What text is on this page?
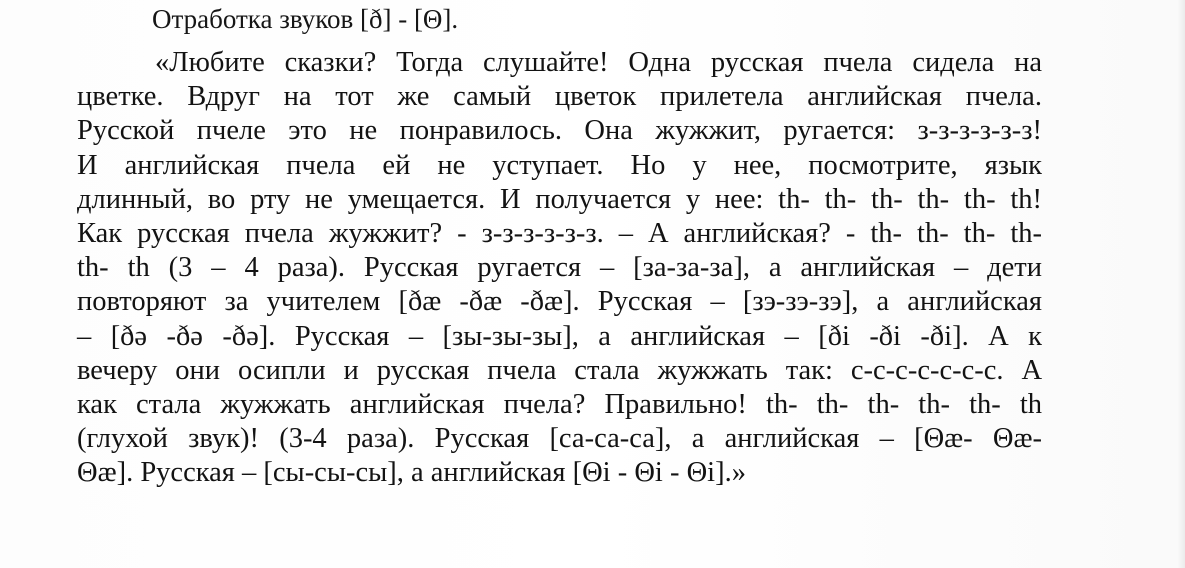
Отработка звуков [ð] - [Θ].
«Любите сказки? Тогда слушайте! Одна русская пчела сидела на
цветке. Вдруг на тот же самый цветок прилетела английская пчела.
Русской пчеле это не понравилось. Она жужжит, ругается: з-з-з-з-з-з!
И английская пчела ей не уступает. Но у нее, посмотрите, язык
длинный, во рту не умещается. И получается у нее: th- th- th- th- th- th!
Как русская пчела жужжит? - з-з-з-з-з-з. – А английская? - th- th- th- th-
th- th (3 – 4 раза). Русская ругается – [за-за-за], а английская – дети
повторяют за учителем [ðæ -ðæ -ðæ]. Русская – [зэ-зэ-зэ], а английская
– [ðə -ðə -ðə]. Русская – [зы-зы-зы], а английская – [ði -ði -ði]. А к
вечеру они осипли и русская пчела стала жужжать так: с-с-с-с-с-с-с. А
как стала жужжать английская пчела? Правильно! th- th- th- th- th- th
(глухой звук)! (3-4 раза). Русская [са-са-са], а английская – [Θæ- Θæ-
Θæ]. Русская – [сы-сы-сы], а английская [Θi - Θi - Θi].»
